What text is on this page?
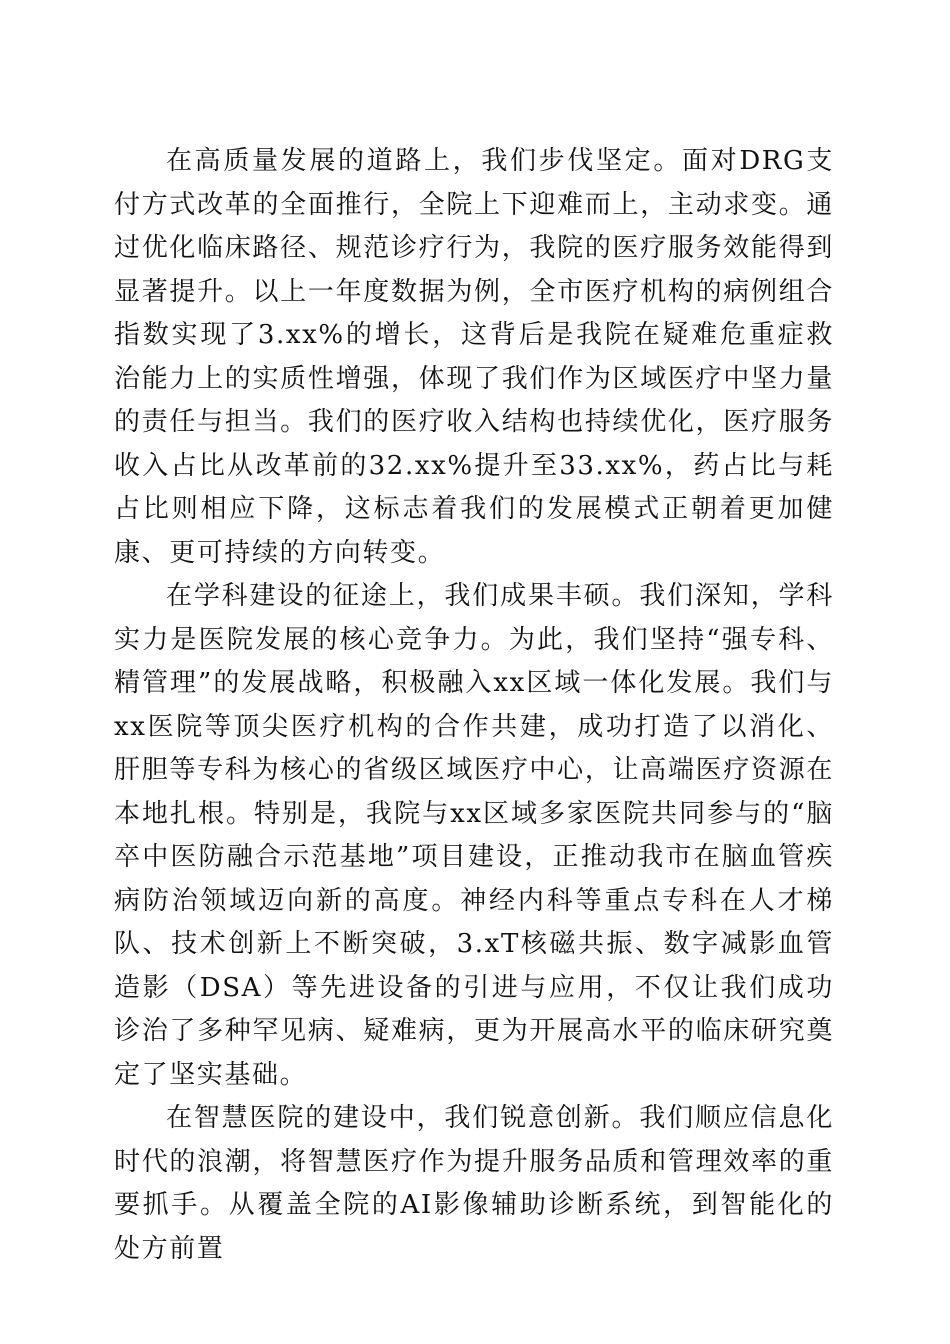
在高质量发展的道路上，我们步伐坚定。面对DRG支付方式改革的全面推行，全院上下迎难而上，主动求变。通过优化临床路径、规范诊疗行为，我院的医疗服务效能得到显著提升。以上一年度数据为例，全市医疗机构的病例组合指数实现了3.xx%的增长，这背后是我院在疑难危重症救治能力上的实质性增强，体现了我们作为区域医疗中坚力量的责任与担当。我们的医疗收入结构也持续优化，医疗服务收入占比从改革前的32.xx%提升至33.xx%，药占比与耗占比则相应下降，这标志着我们的发展模式正朝着更加健康、更可持续的方向转变。

在学科建设的征途上，我们成果丰硕。我们深知，学科实力是医院发展的核心竞争力。为此，我们坚持“强专科、精管理”的发展战略，积极融入xx区域一体化发展。我们与xx医院等顶尖医疗机构的合作共建，成功打造了以消化、肝胆等专科为核心的省级区域医疗中心，让高端医疗资源在本地扎根。特别是，我院与xx区域多家医院共同参与的“脑卒中医防融合示范基地”项目建设，正推动我市在脑血管疾病防治领域迈向新的高度。神经内科等重点专科在人才梯队、技术创新上不断突破，3.xT核磁共振、数字减影血管造影（DSA）等先进设备的引进与应用，不仅让我们成功诊治了多种罕见病、疑难病，更为开展高水平的临床研究奠定了坚实基础。

在智慧医院的建设中，我们锐意创新。我们顺应信息化时代的浪潮，将智慧医疗作为提升服务品质和管理效率的重要抓手。从覆盖全院的AI影像辅助诊断系统，到智能化的处方前置
